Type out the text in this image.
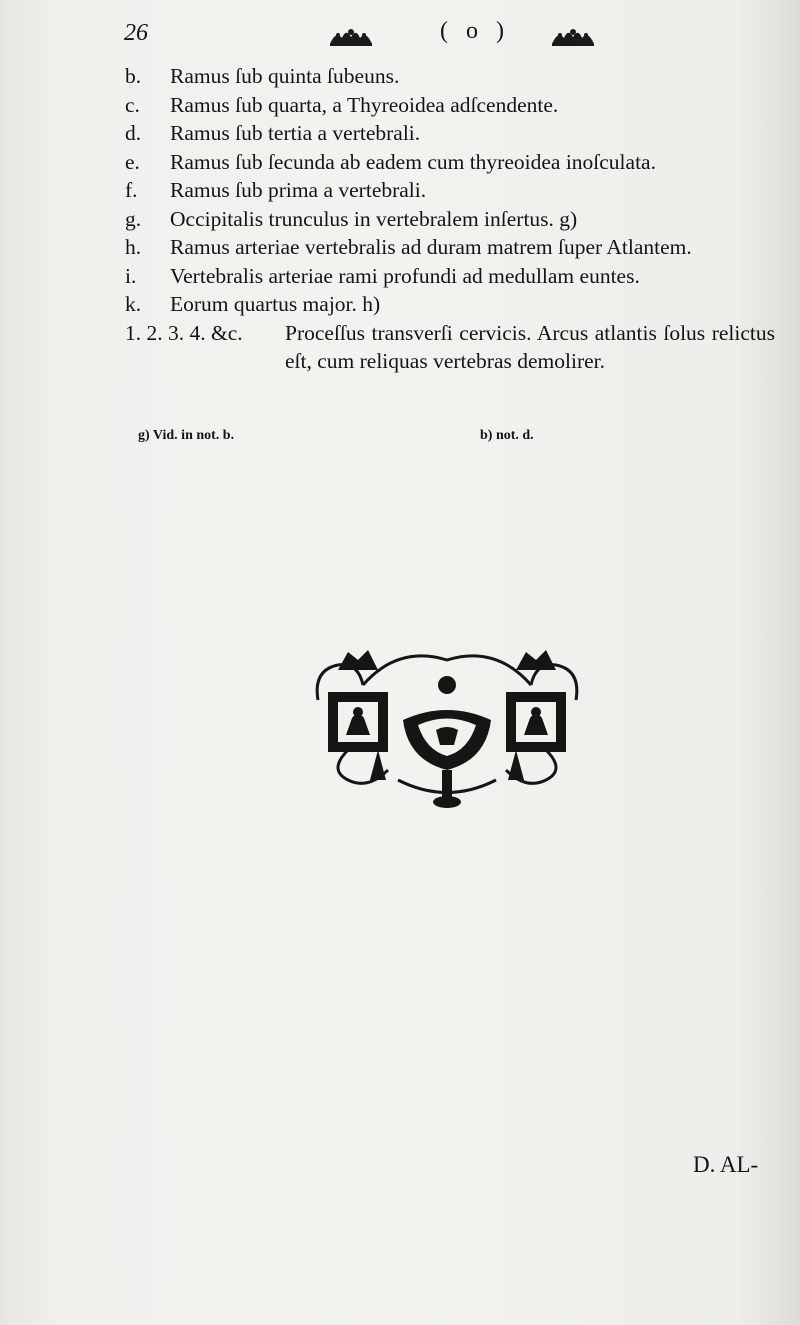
26	( o )
b.	Ramus ſub quinta ſubeuns.
c.	Ramus ſub quarta, a Thyreoidea adſcendente.
d.	Ramus ſub tertia a vertebrali.
e.	Ramus ſub ſecunda ab eadem cum thyreoidea inoſculata.
f.	Ramus ſub prima a vertebrali.
g.	Occipitalis trunculus in vertebralem inſertus. g)
h.	Ramus arteriae vertebralis ad duram matrem ſuper Atlantem.
i.	Vertebralis arteriae rami profundi ad medullam euntes.
k.	Eorum quartus major. h)
1. 2. 3. 4. &c.	Proceſſus transverſi cervicis. Arcus atlantis ſolus relictus eſt, cum reliquas vertebras demolirer.
g) Vid. in not. b.	b) not. d.
D. AL-
